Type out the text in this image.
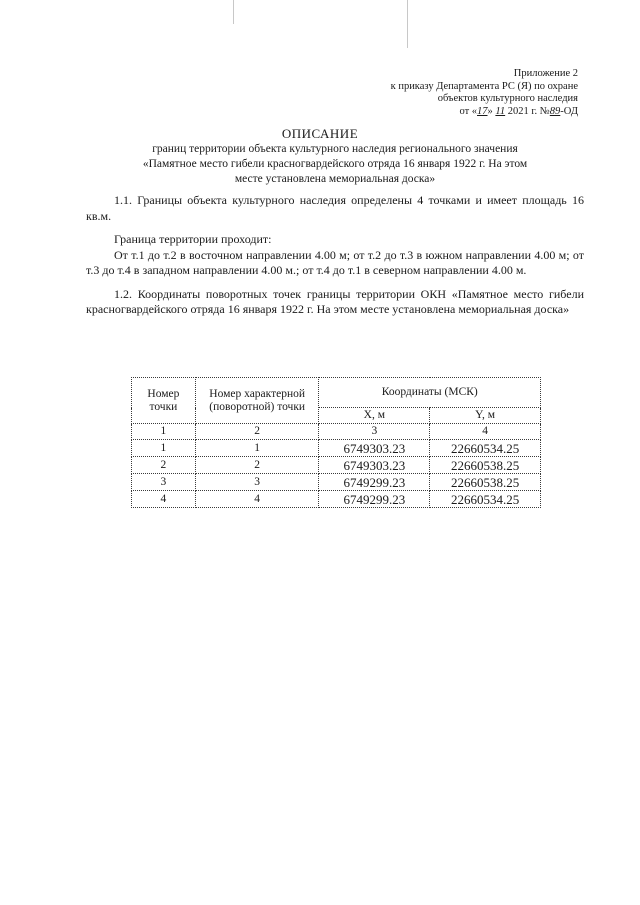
Приложение 2
к приказу Департамента РС (Я) по охране
объектов культурного наследия
от «17» 11 2021 г. №89-ОД
ОПИСАНИЕ
границ территории объекта культурного наследия регионального значения
«Памятное место гибели красногвардейского отряда 16 января 1922 г. На этом
месте установлена мемориальная доска»

1.1. Границы объекта культурного наследия определены 4 точками и имеет площадь 16 кв.м.

Граница территории проходит:

От т.1 до т.2 в восточном направлении 4.00 м; от т.2 до т.3 в южном направлении 4.00 м; от т.3 до т.4 в западном направлении 4.00 м.; от т.4 до т.1 в северном направлении 4.00 м.

1.2. Координаты поворотных точек границы территории ОКН «Памятное место гибели красногвардейского отряда 16 января 1922 г. На этом месте установлена мемориальная доска»

Номер точки	Номер характерной (поворотной) точки	Координаты (МСК)	
		X, м	Y, м
1	2	3	4
1	1	6749303.23	22660534.25
2	2	6749303.23	22660538.25
3	3	6749299.23	22660538.25
4	4	6749299.23	22660534.25
